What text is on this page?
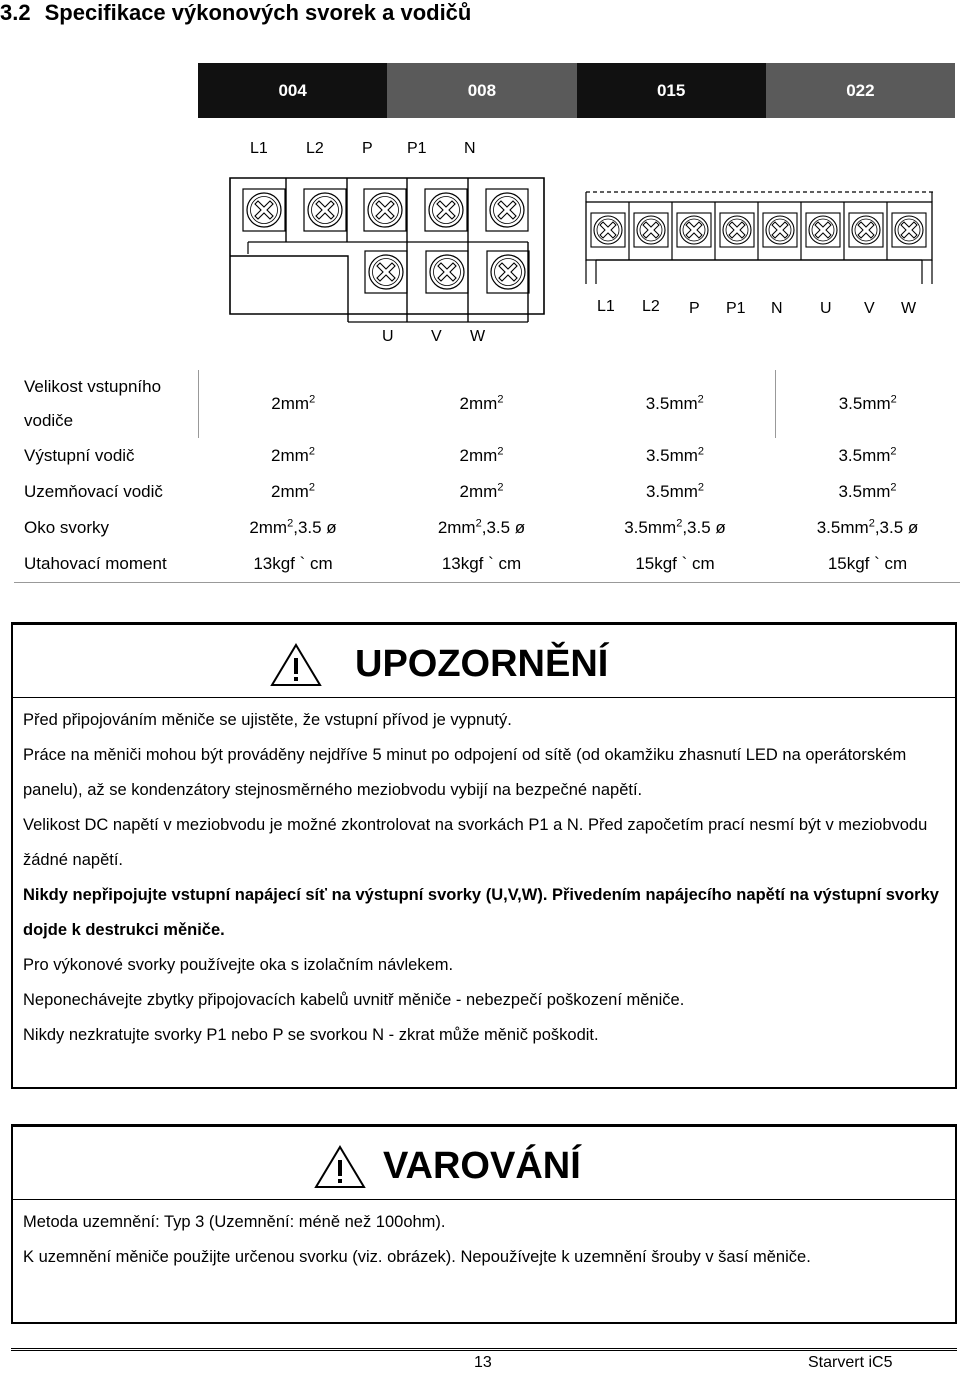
3.2 Specifikace výkonových svorek a vodičů
004	008	015	022
L1 L2 P P1 N
U V W
L1 L2 P P1 N U V W
Velikost vstupního vodiče	$2mm^2$	$2mm^2$	$3.5mm^2$	$3.5mm^2$
Výstupní vodič	$2mm^2$	$2mm^2$	$3.5mm^2$	$3.5mm^2$
Uzemňovací vodič	$2mm^2$	$2mm^2$	$3.5mm^2$	$3.5mm^2$
Oko svorky	$2mm^2,3.5$ ø	$2mm^2,3.5$ ø	$3.5mm^2,3.5$ ø	$3.5mm^2,3.5$ ø
Utahovací moment	13kgf ` cm	13kgf ` cm	15kgf ` cm	15kgf ` cm
UPOZORNĚNÍ

Před připojováním měniče se ujistěte, že vstupní přívod je vypnutý.

Práce na měniči mohou být prováděny nejdříve 5 minut po odpojení od sítě (od okamžiku zhasnutí LED na operátorském panelu), až se kondenzátory stejnosměrného meziobvodu vybijí na bezpečné napětí.

Velikost DC napětí v meziobvodu je možné zkontrolovat na svorkách P1 a N. Před započetím prací nesmí být v meziobvodu žádné napětí.

Nikdy nepřipojujte vstupní napájecí síť na výstupní svorky (U,V,W). Přivedením napájecího napětí na výstupní svorky dojde k destrukci měniče.

Pro výkonové svorky používejte oka s izolačním návlekem.

Neponechávejte zbytky připojovacích kabelů uvnitř měniče - nebezpečí poškození měniče.

Nikdy nezkratujte svorky P1 nebo P se svorkou N - zkrat může měnič poškodit.

VAROVÁNÍ

Metoda uzemnění: Typ 3 (Uzemnění: méně než 100ohm).

K uzemnění měniče použijte určenou svorku (viz. obrázek). Nepoužívejte k uzemnění šrouby v šasí měniče.

13	Starvert iC5
